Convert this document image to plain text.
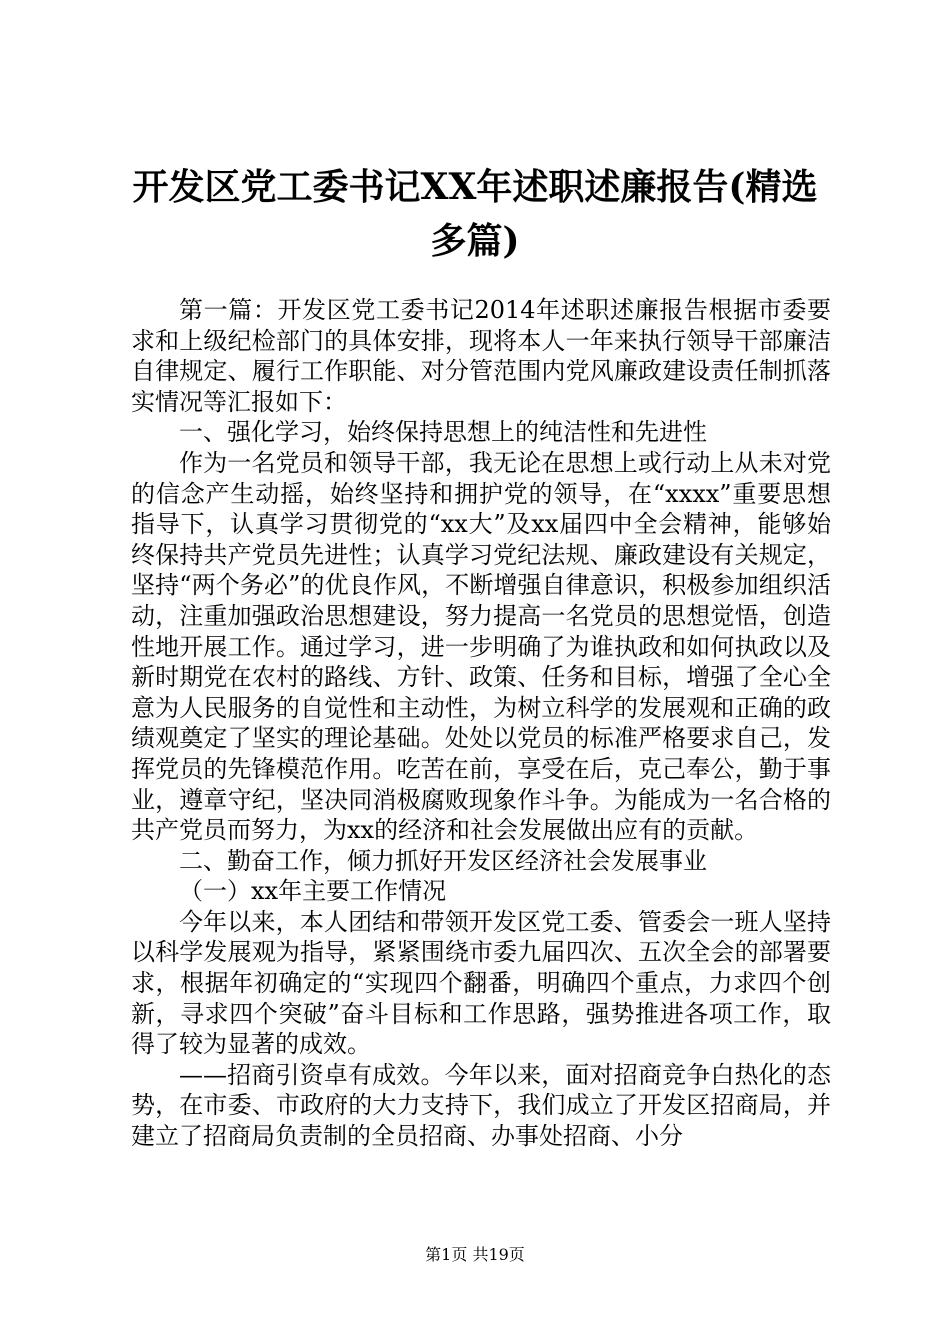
开发区党工委书记XX年述职述廉报告(精选多篇)

第一篇：开发区党工委书记2014年述职述廉报告根据市委要求和上级纪检部门的具体安排，现将本人一年来执行领导干部廉洁自律规定、履行工作职能、对分管范围内党风廉政建设责任制抓落实情况等汇报如下：

一、强化学习，始终保持思想上的纯洁性和先进性

作为一名党员和领导干部，我无论在思想上或行动上从未对党的信念产生动摇，始终坚持和拥护党的领导，在“xxxx”重要思想指导下，认真学习贯彻党的“xx大”及xx届四中全会精神，能够始终保持共产党员先进性；认真学习党纪法规、廉政建设有关规定，坚持“两个务必”的优良作风，不断增强自律意识，积极参加组织活动，注重加强政治思想建设，努力提高一名党员的思想觉悟，创造性地开展工作。通过学习，进一步明确了为谁执政和如何执政以及新时期党在农村的路线、方针、政策、任务和目标，增强了全心全意为人民服务的自觉性和主动性，为树立科学的发展观和正确的政绩观奠定了坚实的理论基础。处处以党员的标准严格要求自己，发挥党员的先锋模范作用。吃苦在前，享受在后，克己奉公，勤于事业，遵章守纪，坚决同消极腐败现象作斗争。为能成为一名合格的共产党员而努力，为xx的经济和社会发展做出应有的贡献。

二、勤奋工作，倾力抓好开发区经济社会发展事业

（一）xx年主要工作情况

今年以来，本人团结和带领开发区党工委、管委会一班人坚持以科学发展观为指导，紧紧围绕市委九届四次、五次全会的部署要求，根据年初确定的“实现四个翻番，明确四个重点，力求四个创新，寻求四个突破”奋斗目标和工作思路，强势推进各项工作，取得了较为显著的成效。

——招商引资卓有成效。今年以来，面对招商竞争白热化的态势，在市委、市政府的大力支持下，我们成立了开发区招商局，并建立了招商局负责制的全员招商、办事处招商、小分

第1页 共19页
